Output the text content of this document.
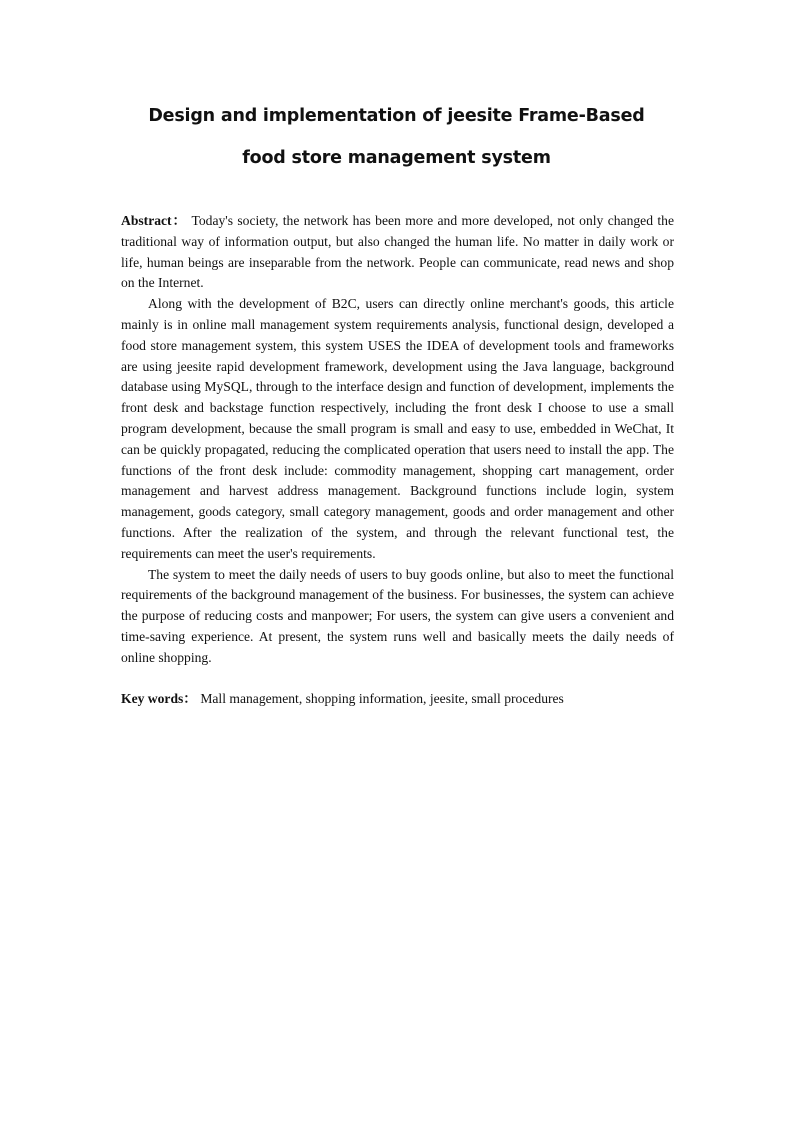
Design and implementation of jeesite Frame-Based
food store management system

Abstract： Today's society, the network has been more and more developed, not only changed the traditional way of information output, but also changed the human life. No matter in daily work or life, human beings are inseparable from the network. People can communicate, read news and shop on the Internet.

Along with the development of B2C, users can directly online merchant's goods, this article mainly is in online mall management system requirements analysis, functional design, developed a food store management system, this system USES the IDEA of development tools and frameworks are using jeesite rapid development framework, development using the Java language, background database using MySQL, through to the interface design and function of development, implements the front desk and backstage function respectively, including the front desk I choose to use a small program development, because the small program is small and easy to use, embedded in WeChat, It can be quickly propagated, reducing the complicated operation that users need to install the app. The functions of the front desk include: commodity management, shopping cart management, order management and harvest address management. Background functions include login, system management, goods category, small category management, goods and order management and other functions. After the realization of the system, and through the relevant functional test, the requirements can meet the user's requirements.

The system to meet the daily needs of users to buy goods online, but also to meet the functional requirements of the background management of the business. For businesses, the system can achieve the purpose of reducing costs and manpower; For users, the system can give users a convenient and time-saving experience. At present, the system runs well and basically meets the daily needs of online shopping.

Key words： Mall management, shopping information, jeesite, small procedures
